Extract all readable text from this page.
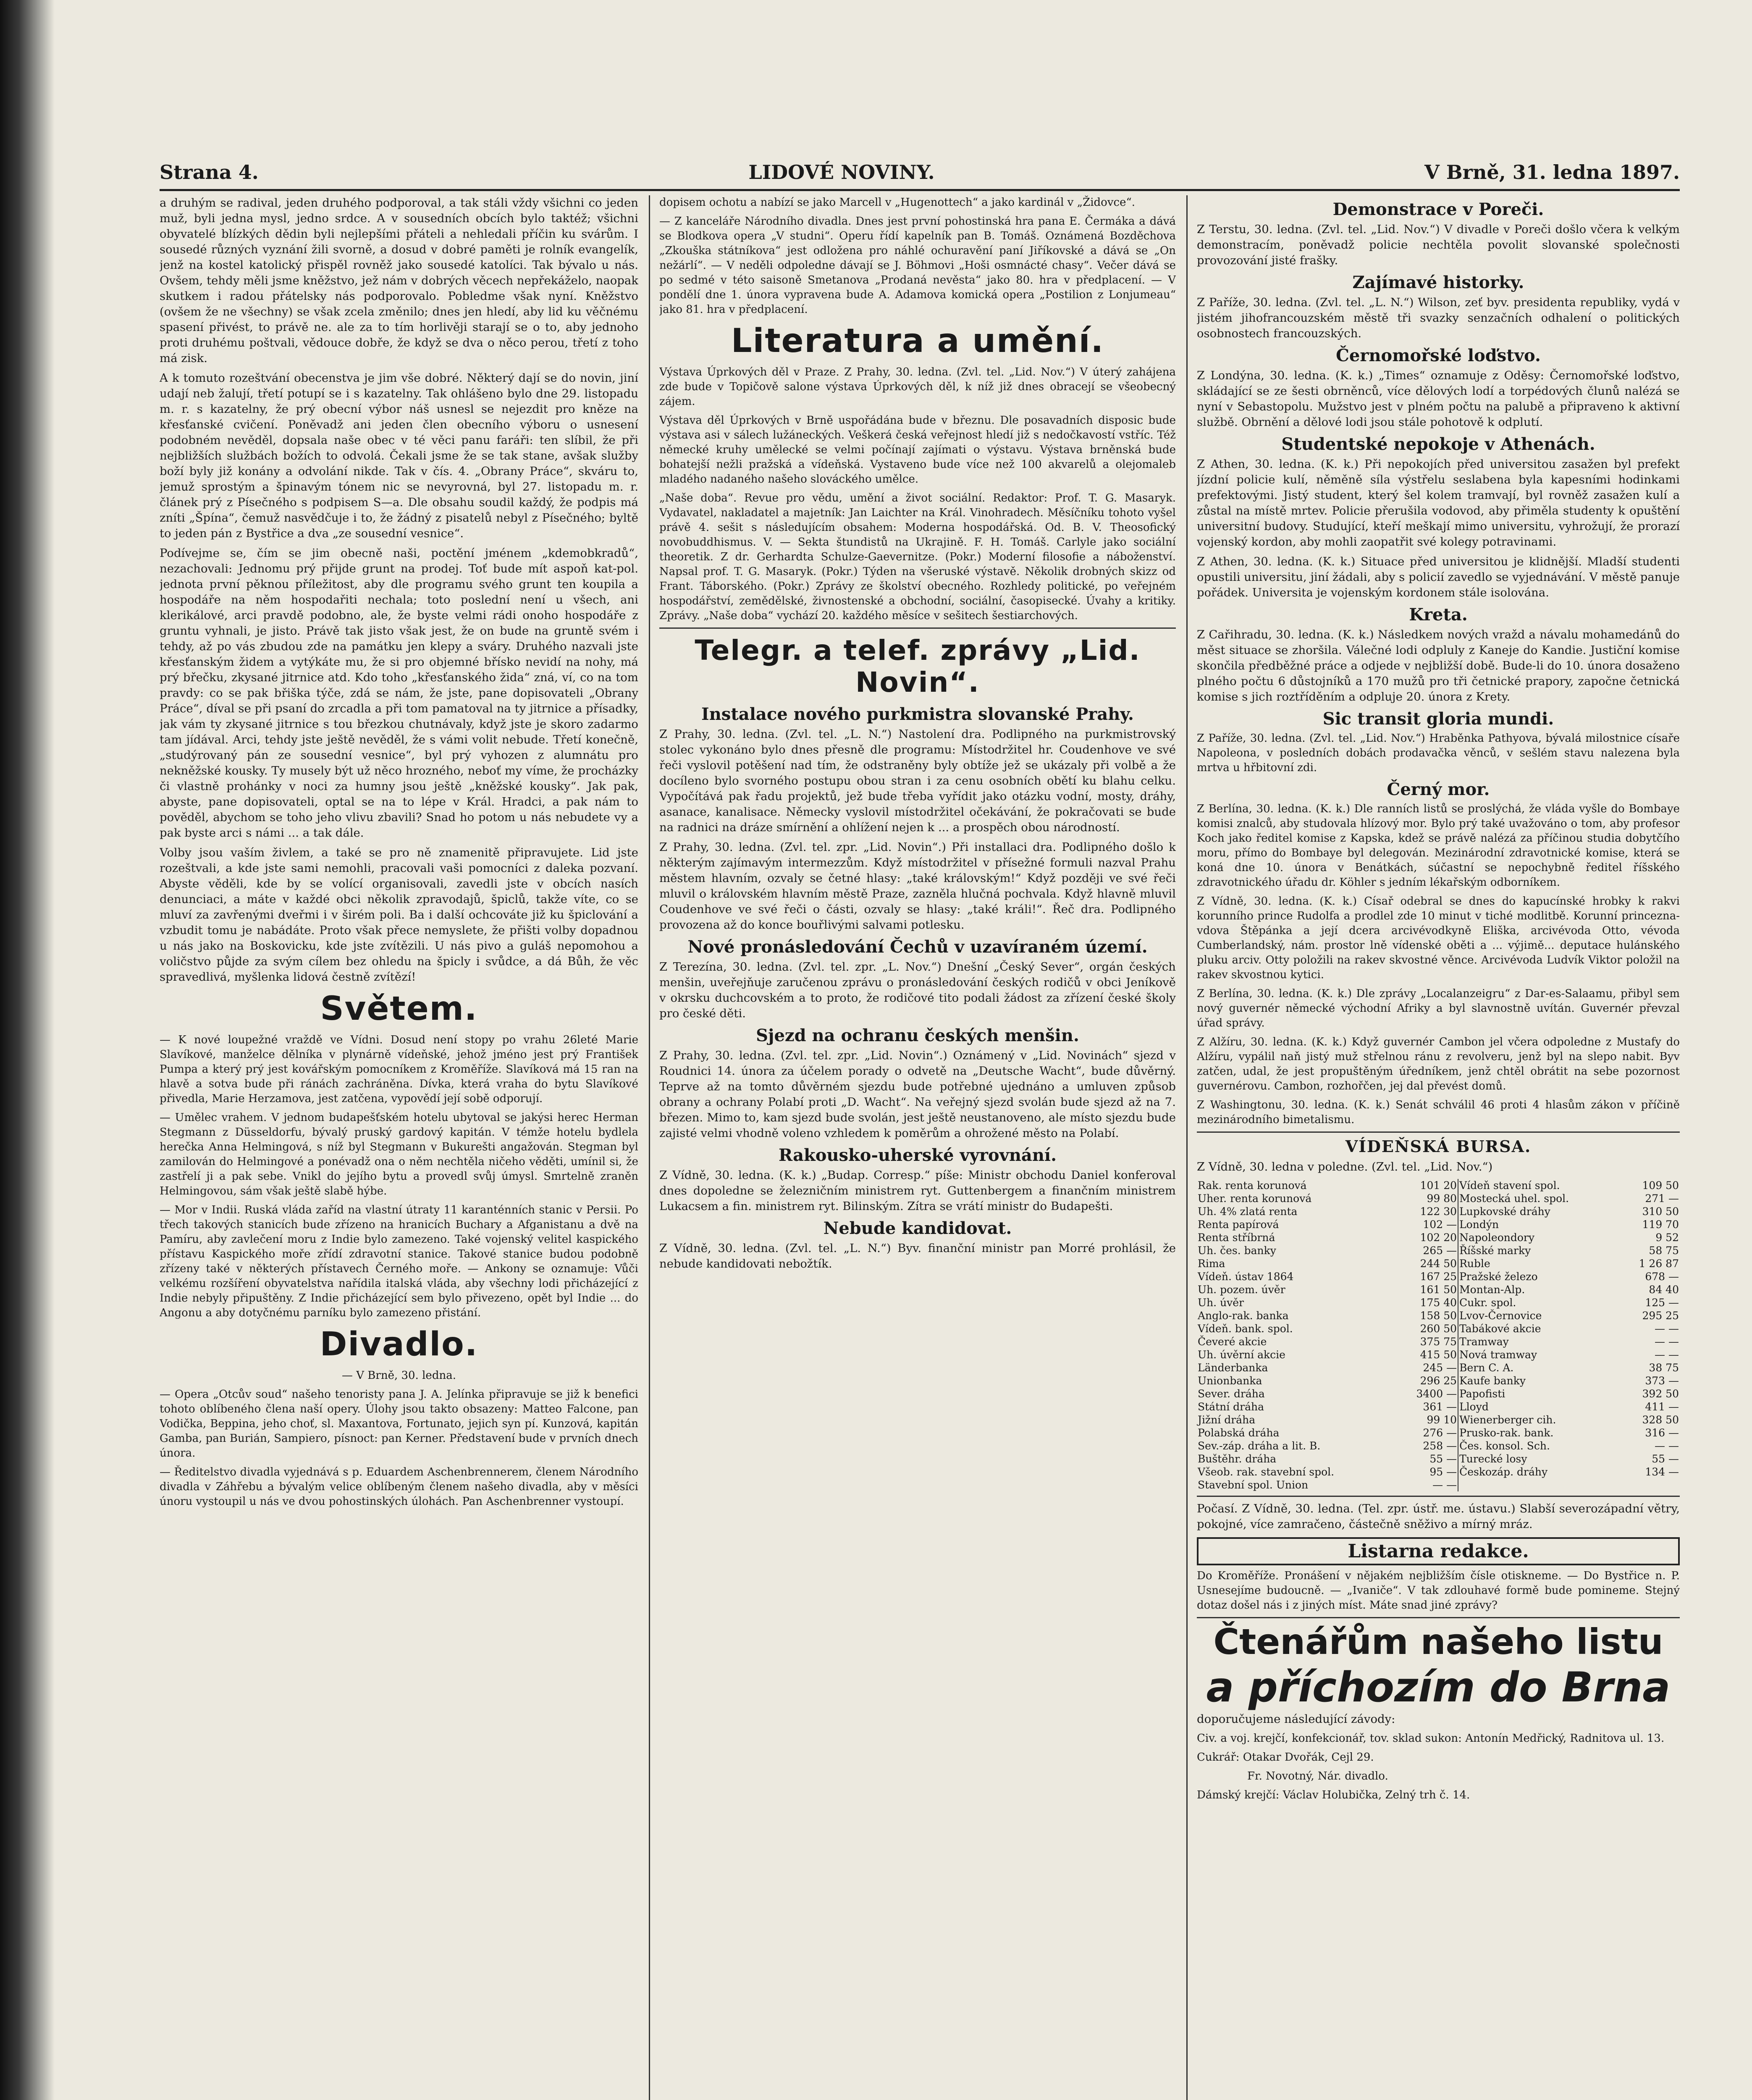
Strana 4.	LIDOVÉ NOVINY.	V Brně, 31. ledna 1897.

a druhým se radival, jeden druhého podporoval, a tak stáli vždy všichni co jeden muž, byli jedna mysl, jedno srdce. A v sousedních obcích bylo taktéž; všichni obyvatelé blízkých dědin byli nejlepšími přáteli a nehledali příčin ku svárům. I sousedé různých vyznání žili svorně, a dosud v dobré paměti je rolník evangelík, jenž na kostel katolický přispěl rovněž jako sousedé katolíci. Tak bývalo u nás. Ovšem, tehdy měli jsme kněžstvo, jež nám v dobrých věcech nepřekáželo, naopak skutkem i radou přátelsky nás podporovalo. Pobledme však nyní. Kněžstvo (ovšem že ne všechny) se však zcela změnilo; dnes jen hledí, aby lid ku věčnému spasení přivést, to právě ne. ale za to tím horlivěji starají se o to, aby jednoho proti druhému poštvali, vědouce dobře, že když se dva o něco perou, třetí z toho má zisk.

A k tomuto rozeštvání obecenstva je jim vše dobré. Některý dají se do novin, jiní udají neb žalují, třetí potupí se i s kazatelny. Tak ohlášeno bylo dne 29. listopadu m. r. s kazatelny, že prý obecní výbor náš usnesl se nejezdit pro kněze na křesťanské cvičení. Poněvadž ani jeden člen obecního výboru o usnesení podobném nevěděl, dopsala naše obec v té věci panu faráři: ten slíbil, že při nejbližších službách božích to odvolá. Čekali jsme že se tak stane, avšak služby boží byly již konány a odvolání nikde. Tak v čís. 4. „Obrany Práce“, skváru to, jemuž sprostým a špinavým tónem nic se nevyrovná, byl 27. listopadu m. r. článek prý z Písečného s podpisem S—a. Dle obsahu soudil každý, že podpis má zníti „Špína“, čemuž nasvědčuje i to, že žádný z pisatelů nebyl z Písečného; byltě to jeden pán z Bystřice a dva „ze sousední vesnice“.

Podívejme se, čím se jim obecně naši, poctění jménem „kdemobkradů“, nezachovali: Jednomu prý přijde grunt na prodej. Toť bude mít aspoň kat-pol. jednota první pěknou příležitost, aby dle programu svého grunt ten koupila a hospodáře na něm hospodařiti nechala; toto poslední není u všech, ani klerikálové, arci pravdě podobno, ale, že byste velmi rádi onoho hospodáře z gruntu vyhnali, je jisto. Právě tak jisto však jest, že on bude na gruntě svém i tehdy, až po vás zbudou zde na památku jen klepy a sváry. Druhého nazvali jste křesťanským židem a vytýkáte mu, že si pro objemné břísko nevidí na nohy, má prý břečku, zkysané jitrnice atd. Kdo toho „křesťanského žida“ zná, ví, co na tom pravdy: co se pak břiška týče, zdá se nám, že jste, pane dopisovateli „Obrany Práce“, díval se při psaní do zrcadla a při tom pamatoval na ty jitrnice a přísadky, jak vám ty zkysané jitrnice s tou březkou chutnávaly, když jste je skoro zadarmo tam jídával. Arci, tehdy jste ještě nevěděl, že s vámi volit nebude. Třetí konečně, „studýrovaný pán ze sousední vesnice“, byl prý vyhozen z alumnátu pro nekněžské kousky. Ty musely být už něco hrozného, neboť my víme, že procházky či vlastně prohánky v noci za humny jsou ještě „kněžské kousky“. Jak pak, abyste, pane dopisovateli, optal se na to lépe v Král. Hradci, a pak nám to pověděl, abychom se toho jeho vlivu zbavili? Snad ho potom u nás nebudete vy a pak byste arci s námi ... a tak dále.

Volby jsou vaším živlem, a také se pro ně znamenitě připravujete. Lid jste rozeštvali, a kde jste sami nemohli, pracovali vaši pomocníci z daleka pozvaní. Abyste věděli, kde by se volící organisovali, zavedli jste v obcích nasích denunciaci, a máte v každé obci několik zpravodajů, špiclů, takže víte, co se mluví za zavřenými dveřmi i v širém poli. Ba i další ochcováte již ku špiclování a vzbudit tomu je nabádáte. Proto však přece nemyslete, že přišti volby dopadnou u nás jako na Boskovicku, kde jste zvítězili. U nás pivo a guláš nepomohou a voličstvo půjde za svým cílem bez ohledu na špicly i svůdce, a dá Bůh, že věc spravedlivá, myšlenka lidová čestně zvítězí!

Světem.

— K nové loupežné vraždě ve Vídni. Dosud není stopy po vrahu 26leté Marie Slavíkové, manželce dělníka v plynárně vídeňské, jehož jméno jest prý František Pumpa a který prý jest kovářským pomocníkem z Kroměříže. Slavíková má 15 ran na hlavě a sotva bude při ránách zachráněna. Dívka, která vraha do bytu Slavíkové přivedla, Marie Herzamova, jest zatčena, vypovědí její sobě odporují.

— Umělec vrahem. V jednom budapešťském hotelu ubytoval se jakýsi herec Herman Stegmann z Düsseldorfu, bývalý pruský gardový kapitán. V témže hotelu bydlela herečka Anna Helmingová, s níž byl Stegmann v Bukurešti angažován. Stegman byl zamilován do Helmingové a ponévadž ona o něm nechtěla ničeho věděti, umínil si, že zastřelí ji a pak sebe. Vnikl do jejího bytu a provedl svůj úmysl. Smrtelně zraněn Helmingovou, sám však ještě slabě hýbe.

— Mor v Indii. Ruská vláda zaříd na vlastní útraty 11 karanténních stanic v Persii. Po třech takových stanicích bude zřízeno na hranicích Buchary a Afganistanu a dvě na Pamíru, aby zavlečení moru z Indie bylo zamezeno. Také vojenský velitel kaspického přístavu Kaspického moře zřídí zdravotní stanice. Takové stanice budou podobně zřízeny také v některých přístavech Černého moře. — Ankony se oznamuje: Vůči velkému rozšíření obyvatelstva nařídila italská vláda, aby všechny lodi přicházející z Indie nebyly připuštěny. Z Indie přicházející sem bylo přivezeno, opět byl Indie ... do Angonu a aby dotyčnému parníku bylo zamezeno přistání.

Divadlo.

— V Brně, 30. ledna.

— Opera „Otcův soud“ našeho tenoristy pana J. A. Jelínka připravuje se již k benefici tohoto oblíbeného člena naší opery. Úlohy jsou takto obsazeny: Matteo Falcone, pan Vodička, Beppina, jeho choť, sl. Maxantova, Fortunato, jejich syn pí. Kunzová, kapitán Gamba, pan Burián, Sampiero, písnoct: pan Kerner. Představení bude v prvních dnech února.

— Ředitelstvo divadla vyjednává s p. Eduardem Aschenbrennerem, členem Národního divadla v Záhřebu a bývalým velice oblíbeným členem našeho divadla, aby v měsíci únoru vystoupil u nás ve dvou pohostinských úlohách. Pan Aschenbrenner vystoupí.

dopisem ochotu a nabízí se jako Marcell v „Hugenottech“ a jako kardinál v „Židovce“.

— Z kanceláře Národního divadla. Dnes jest první pohostinská hra pana E. Čermáka a dává se Blodkova opera „V studni“. Operu řídí kapelník pan B. Tomáš. Oznámená Bozděchova „Zkouška státníkova“ jest odložena pro náhlé ochuravění paní Jiříkovské a dává se „On nežárlí“. — V neděli odpoledne dávají se J. Böhmovi „Hoši osmnácté chasy“. Večer dává se po sedmé v této saisoně Smetanova „Prodaná nevěsta“ jako 80. hra v předplacení. — V pondělí dne 1. února vypravena bude A. Adamova komická opera „Postilion z Lonjumeau“ jako 81. hra v předplacení.

Literatura a umění.

Výstava Úprkových děl v Praze. Z Prahy, 30. ledna. (Zvl. tel. „Lid. Nov.“) V úterý zahájena zde bude v Topičově salone výstava Úprkových děl, k níž již dnes obracejí se všeobecný zájem.

Výstava děl Úprkových v Brně uspořádána bude v březnu. Dle posavadních disposic bude výstava asi v sálech lužáneckých. Veškerá česká veřejnost hledí již s nedočkavostí vstříc. Též německé kruhy umělecké se velmi počínají zajímati o výstavu. Výstava brněnská bude bohatejší nežli pražská a vídeňská. Vystaveno bude více než 100 akvarelů a olejomaleb mladého nadaného našeho slováckého umělce.

„Naše doba“. Revue pro vědu, umění a život sociální. Redaktor: Prof. T. G. Masaryk. Vydavatel, nakladatel a majetník: Jan Laichter na Král. Vinohradech. Měsíčníku tohoto vyšel právě 4. sešit s následujícím obsahem: Moderna hospodářská. Od. B. V. Theosofický novobuddhismus. V. — Sekta štundistů na Ukrajině. F. H. Tomáš. Carlyle jako sociální theoretik. Z dr. Gerhardta Schulze-Gaevernitze. (Pokr.) Moderní filosofie a náboženství. Napsal prof. T. G. Masaryk. (Pokr.) Týden na všeruské výstavě. Několik drobných skizz od Frant. Táborského. (Pokr.) Zprávy ze školství obecného. Rozhledy politické, po veřejném hospodářství, zemědělské, živnostenské a obchodní, sociální, časopisecké. Úvahy a kritiky. Zprávy. „Naše doba“ vychází 20. každého měsíce v sešitech šestiarchových.

Telegr. a telef. zprávy „Lid. Novin“.
Instalace nového purkmistra slovanské Prahy.

Z Prahy, 30. ledna. (Zvl. tel. „L. N.“) Nastolení dra. Podlipného na purkmistrovský stolec vykonáno bylo dnes přesně dle programu: Místodržitel hr. Coudenhove ve své řeči vyslovil potěšení nad tím, že odstraněny byly obtíže jež se ukázaly při volbě a že docíleno bylo svorného postupu obou stran i za cenu osobních obětí ku blahu celku. Vypočítává pak řadu projektů, jež bude třeba vyřídit jako otázku vodní, mosty, dráhy, asanace, kanalisace. Německy vyslovil místodržitel očekávání, že pokračovati se bude na radnici na dráze smírnění a ohlížení nejen k ... a prospěch obou národností.

Z Prahy, 30. ledna. (Zvl. tel. zpr. „Lid. Novin“.) Při installaci dra. Podlipného došlo k některým zajímavým intermezzům. Když místodržitel v přísežné formuli nazval Prahu městem hlavním, ozvaly se četné hlasy: „také královským!“ Když později ve své řeči mluvil o královském hlavním městě Praze, zazněla hlučná pochvala. Když hlavně mluvil Coudenhove ve své řeči o části, ozvaly se hlasy: „také králi!“. Řeč dra. Podlipného provozena až do konce bouřlivými salvami potlesku.

Nové pronásledování Čechů v uzavíraném území.

Z Terezína, 30. ledna. (Zvl. tel. zpr. „L. Nov.“) Dnešní „Český Sever“, orgán českých menšin, uveřejňuje zaručenou zprávu o pronásledování českých rodičů v obci Jeníkově v okrsku duchcovském a to proto, že rodičové tito podali žádost za zřízení české školy pro české děti.

Sjezd na ochranu českých menšin.

Z Prahy, 30. ledna. (Zvl. tel. zpr. „Lid. Novin“.) Oznámený v „Lid. Novinách“ sjezd v Roudnici 14. února za účelem porady o odvetě na „Deutsche Wacht“, bude důvěrný. Teprve až na tomto důvěrném sjezdu bude potřebné ujednáno a umluven způsob obrany a ochrany Polabí proti „D. Wacht“. Na veřejný sjezd svolán bude sjezd až na 7. březen. Mimo to, kam sjezd bude svolán, jest ještě neustanoveno, ale místo sjezdu bude zajisté velmi vhodně voleno vzhledem k poměrům a ohrožené město na Polabí.

Rakousko-uherské vyrovnání.

Z Vídně, 30. ledna. (K. k.) „Budap. Corresp.“ píše: Ministr obchodu Daniel konferoval dnes dopoledne se železničním ministrem ryt. Guttenbergem a finančním ministrem Lukacsem a fin. ministrem ryt. Bilinským. Zítra se vrátí ministr do Budapešti.

Nebude kandidovat.

Z Vídně, 30. ledna. (Zvl. tel. „L. N.“) Byv. finanční ministr pan Morré prohlásil, že nebude kandidovati nebožtík.

Demonstrace v Poreči.

Z Terstu, 30. ledna. (Zvl. tel. „Lid. Nov.“) V divadle v Poreči došlo včera k velkým demonstracím, poněvadž policie nechtěla povolit slovanské společnosti provozování jisté frašky.

Zajímavé historky.

Z Paříže, 30. ledna. (Zvl. tel. „L. N.“) Wilson, zeť byv. presidenta republiky, vydá v jistém jihofrancouzském městě tři svazky senzačních odhalení o politických osobnostech francouzských.

Černomořské loďstvo.

Z Londýna, 30. ledna. (K. k.) „Times“ oznamuje z Oděsy: Černomořské loďstvo, skládající se ze šesti obrněnců, více dělových lodí a torpédových člunů nalézá se nyní v Sebastopolu. Mužstvo jest v plném počtu na palubě a připraveno k aktivní službě. Obrnění a dělové lodi jsou stále pohotově k odplutí.

Studentské nepokoje v Athenách.

Z Athen, 30. ledna. (K. k.) Při nepokojích před universitou zasažen byl prefekt jízdní policie kulí, něměně síla výstřelu seslabena byla kapesními hodinkami prefektovými. Jistý student, který šel kolem tramvají, byl rovněž zasažen kulí a zůstal na místě mrtev. Policie přerušila vodovod, aby přiměla studenty k opuštění universitní budovy. Studující, kteří meškají mimo universitu, vyhrožují, že prorazí vojenský kordon, aby mohli zaopatřit své kolegy potravinami.

Z Athen, 30. ledna. (K. k.) Situace před universitou je klidnější. Mladší studenti opustili universitu, jiní žádali, aby s policií zavedlo se vyjednávání. V městě panuje pořádek. Universita je vojenským kordonem stále isolována.

Kreta.

Z Cařihradu, 30. ledna. (K. k.) Následkem nových vražd a návalu mohamedánů do měst situace se zhoršila. Válečné lodi odpluly z Kaneje do Kandie. Justiční komise skončila předběžné práce a odjede v nejbližší době. Bude-li do 10. února dosaženo plného počtu 6 důstojníků a 170 mužů pro tři četnické prapory, započne četnická komise s jich roztříděním a odpluje 20. února z Krety.

Sic transit gloria mundi.

Z Paříže, 30. ledna. (Zvl. tel. „Lid. Nov.“) Hraběnka Pathyova, bývalá milostnice císaře Napoleona, v posledních dobách prodavačka věnců, v sešlém stavu nalezena byla mrtva u hřbitovní zdi.

Černý mor.

Z Berlína, 30. ledna. (K. k.) Dle ranních listů se proslýchá, že vláda vyšle do Bombaye komisi znalců, aby studovala hlízový mor. Bylo prý také uvažováno o tom, aby profesor Koch jako ředitel komise z Kapska, kdež se právě nalézá za příčinou studia dobytčího moru, přímo do Bombaye byl delegován. Mezinárodní zdravotnické komise, která se koná dne 10. února v Benátkách, súčastní se nepochybně ředitel říšského zdravotnického úřadu dr. Köhler s jedním lékařským odborníkem.

Z Vídně, 30. ledna. (K. k.) Císař odebral se dnes do kapucínské hrobky k rakvi korunního prince Rudolfa a prodlel zde 10 minut v tiché modlitbě. Korunní princezna-vdova Štěpánka a její dcera arcivévodkyně Eliška, arcivévoda Otto, vévoda Cumberlandský, nám. prostor lně vídenské oběti a ... výjimě... deputace hulánského pluku arciv. Otty položili na rakev skvostné věnce. Arcivévoda Ludvík Viktor položil na rakev skvostnou kytici.

Z Berlína, 30. ledna. (K. k.) Dle zprávy „Localanzeigru“ z Dar-es-Salaamu, přibyl sem nový guvernér německé východní Afriky a byl slavnostně uvítán. Guvernér převzal úřad správy.

Z Alžíru, 30. ledna. (K. k.) Když guvernér Cambon jel včera odpoledne z Mustafy do Alžíru, vypálil naň jistý muž střelnou ránu z revolveru, jenž byl na slepo nabit. Byv zatčen, udal, že jest propuštěným úředníkem, jenž chtěl obrátit na sebe pozornost guvernérovu. Cambon, rozhořčen, jej dal převést domů.

Z Washingtonu, 30. ledna. (K. k.) Senát schválil 46 proti 4 hlasům zákon v příčině mezinárodního bimetalismu.

VÍDEŇSKÁ BURSA.

Z Vídně, 30. ledna v poledne. (Zvl. tel. „Lid. Nov.“)

Rak. renta korunová	101 20	Vídeň stavení spol.	109 50
Uher. renta korunová	99 80	Mostecká uhel. spol.	271 —
Uh. 4% zlatá renta	122 30	Lupkovské dráhy	310 50
Renta papírová	102 —	Londýn	119 70
Renta stříbrná	102 20	Napoleondory	9 52
Uh. čes. banky	265 —	Říšské marky	58 75
Rima	244 50	Ruble	1 26 87
Vídeň. ústav 1864	167 25	Pražské železo	678 —
Uh. pozem. úvěr	161 50	Montan-Alp.	84 40
Uh. úvěr	175 40	Cukr. spol.	125 —
Anglo-rak. banka	158 50	Lvov-Černovice	295 25
Vídeň. bank. spol.	260 50	Tabákové akcie	— —
Čeveré akcie	375 75	Tramway	— —
Uh. úvěrní akcie	415 50	Nová tramway	— —
Länderbanka	245 —	Bern C. A.	38 75
Unionbanka	296 25	Kaufe banky	373 —
Sever. dráha	3400 —	Papofisti	392 50
Státní dráha	361 —	Lloyd	411 —
Jižní dráha	99 10	Wienerberger cih.	328 50
Polabská dráha	276 —	Prusko-rak. bank.	316 —
Sev.-záp. dráha a lit. B.	258 —	Čes. konsol. Sch.	— —
Buštěhr. dráha	55 —	Turecké losy	55 —
Všeob. rak. stavební spol.	95 —	Českozáp. dráhy	134 —
Stavební spol. Union	— —		

Počasí. Z Vídně, 30. ledna. (Tel. zpr. ústř. me. ústavu.) Slabší severozápadní větry, pokojné, více zamračeno, částečně sněživo a mírný mráz.

Listarna redakce.

Do Kroměříže. Pronášení v nějakém nejbližším čísle otiskneme. — Do Bystřice n. P. Usnesejíme budoucně. — „Ivaniče“. V tak zdlouhavé formě bude pomineme. Stejný dotaz došel nás i z jiných míst. Máte snad jiné zprávy?

Čtenářům našeho listu
a příchozím do Brna

doporučujeme následující závody:

Civ. a voj. krejčí, konfekcionář, tov. sklad sukon: Antonín Medřický, Radnitova ul. 13.

Cukrář: Otakar Dvořák, Cejl 29.

Fr. Novotný, Nár. divadlo.

Dámský krejčí: Václav Holubička, Zelný trh č. 14.
